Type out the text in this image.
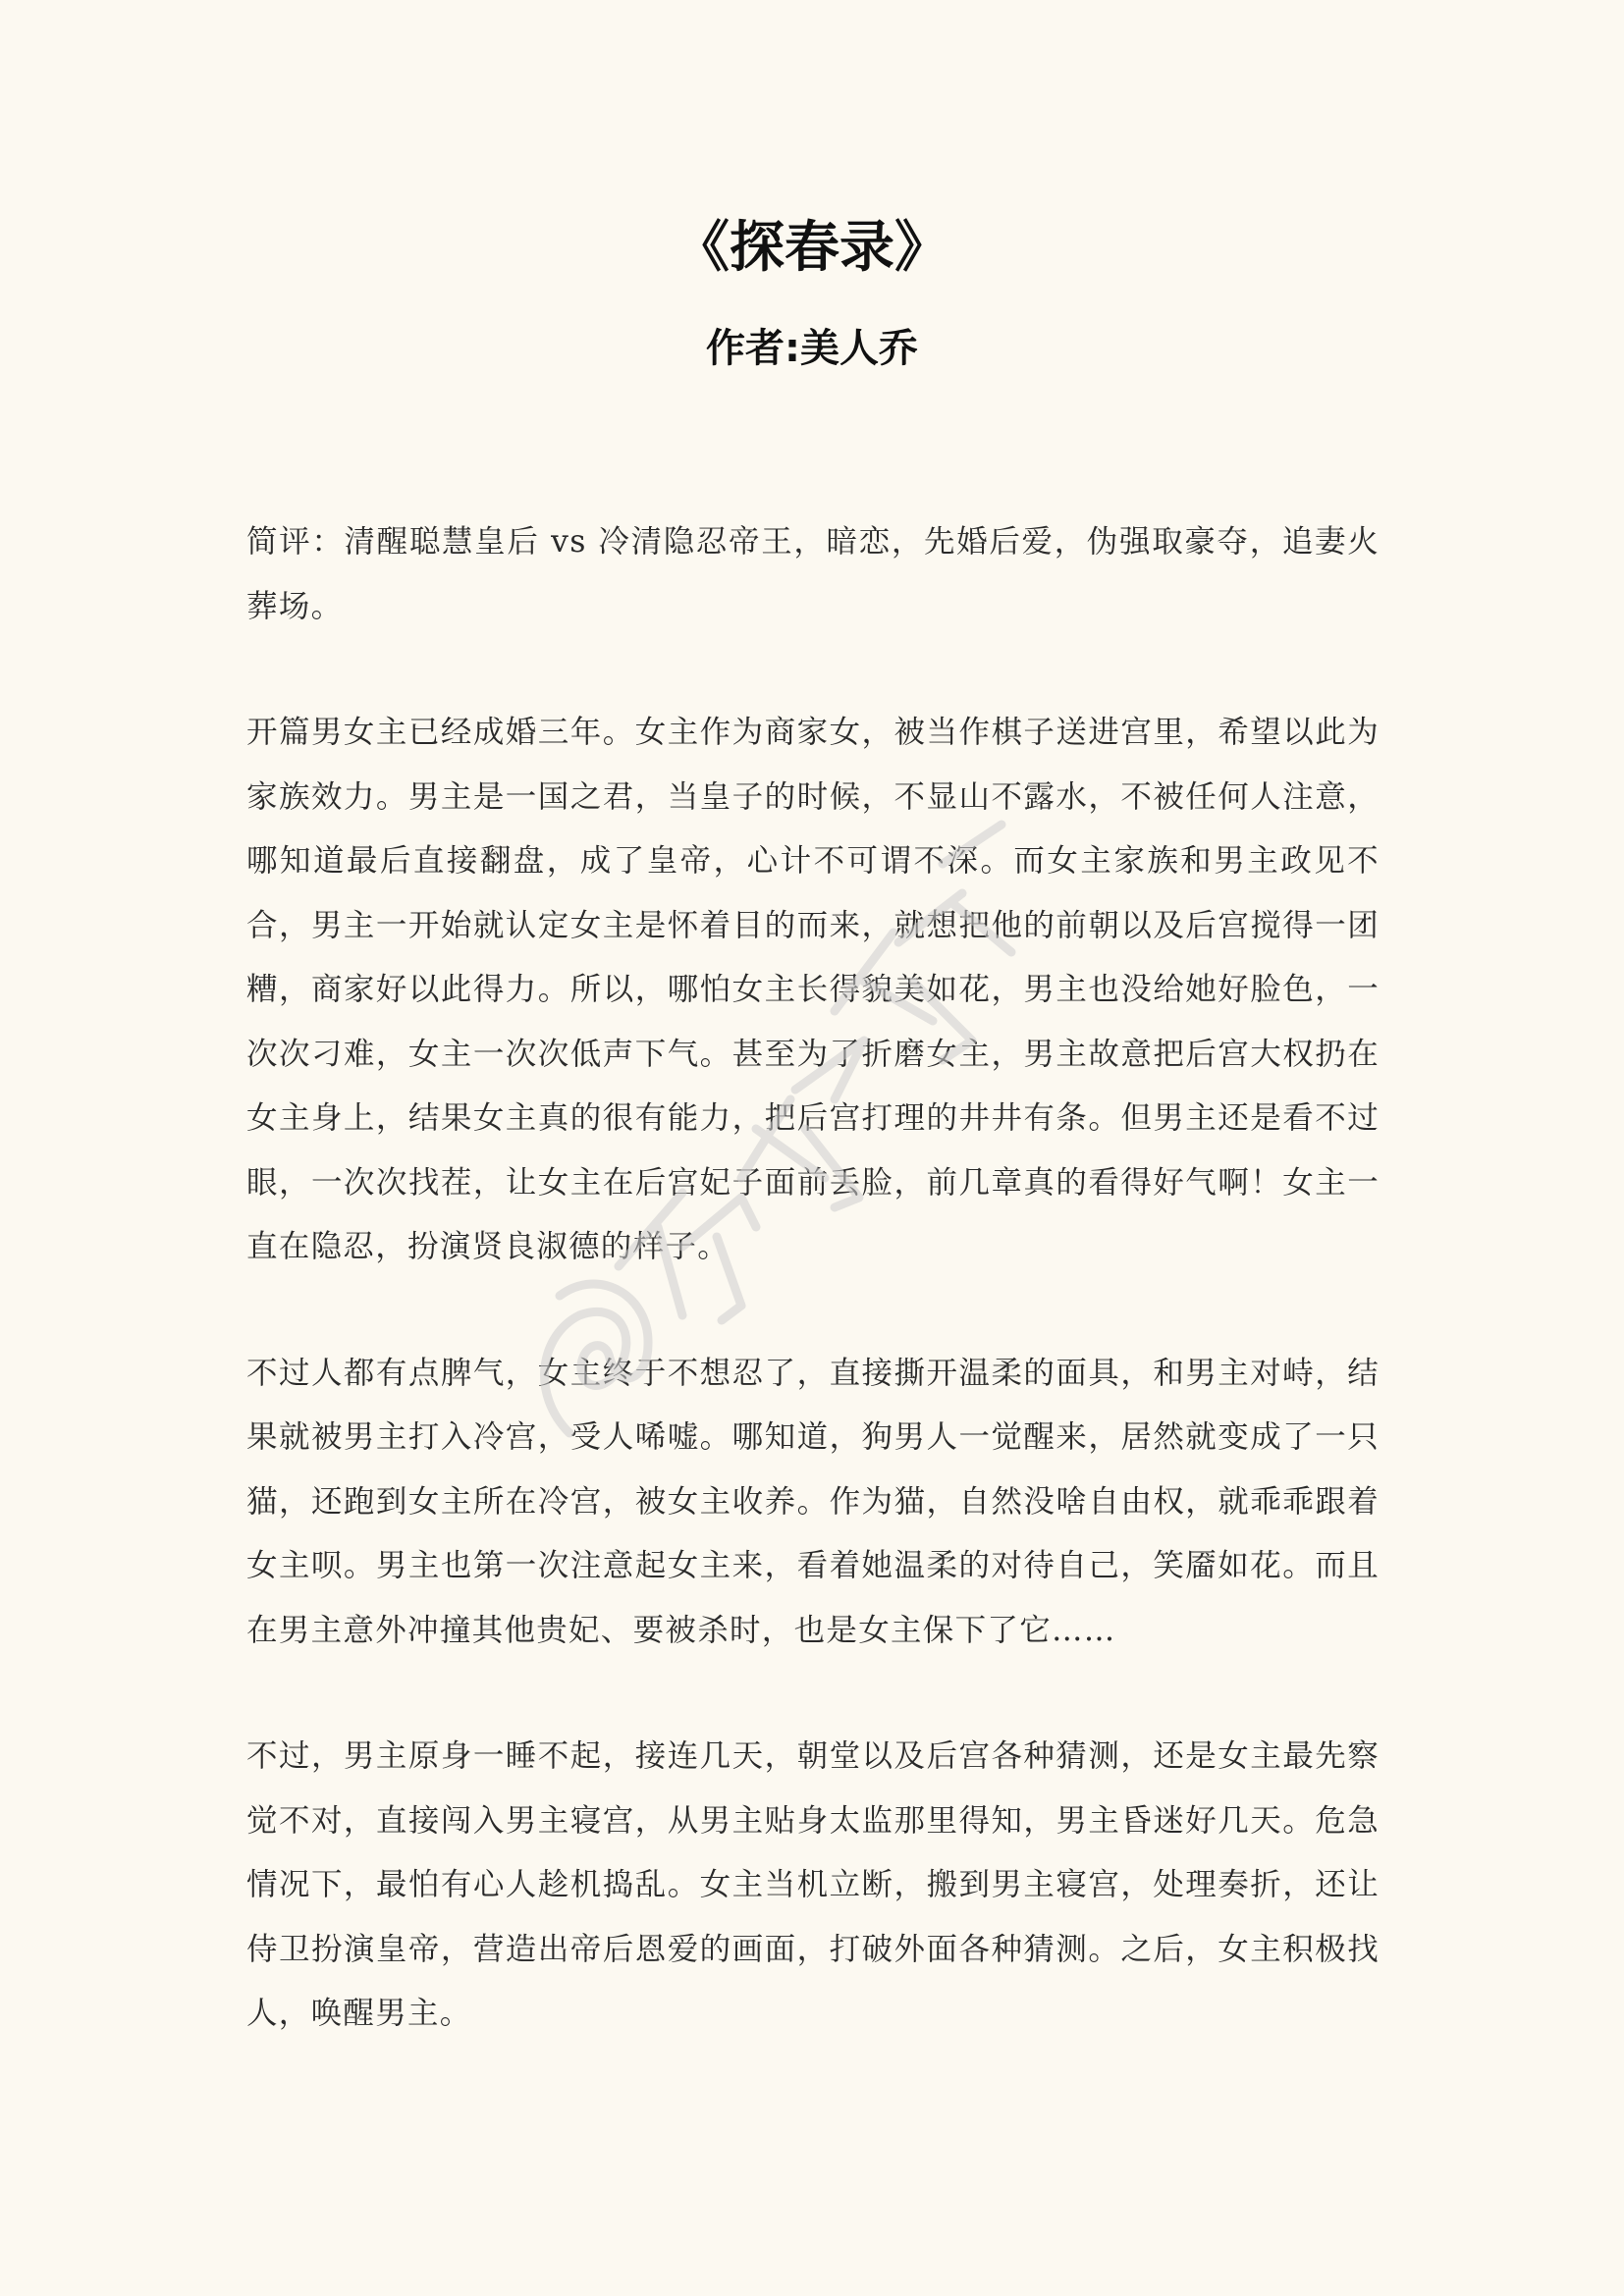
《探春录》
作者:美人乔

简评：清醒聪慧皇后 vs 冷清隐忍帝王，暗恋，先婚后爱，伪强取豪夺，追妻火葬场。

开篇男女主已经成婚三年。女主作为商家女，被当作棋子送进宫里，希望以此为家族效力。男主是一国之君，当皇子的时候，不显山不露水，不被任何人注意，哪知道最后直接翻盘，成了皇帝，心计不可谓不深。而女主家族和男主政见不合，男主一开始就认定女主是怀着目的而来，就想把他的前朝以及后宫搅得一团糟，商家好以此得力。所以，哪怕女主长得貌美如花，男主也没给她好脸色，一次次刁难，女主一次次低声下气。甚至为了折磨女主，男主故意把后宫大权扔在女主身上，结果女主真的很有能力，把后宫打理的井井有条。但男主还是看不过眼，一次次找茬，让女主在后宫妃子面前丢脸，前几章真的看得好气啊！女主一直在隐忍，扮演贤良淑德的样子。

不过人都有点脾气，女主终于不想忍了，直接撕开温柔的面具，和男主对峙，结果就被男主打入冷宫，受人唏嘘。哪知道，狗男人一觉醒来，居然就变成了一只猫，还跑到女主所在冷宫，被女主收养。作为猫，自然没啥自由权，就乖乖跟着女主呗。男主也第一次注意起女主来，看着她温柔的对待自己，笑靥如花。而且在男主意外冲撞其他贵妃、要被杀时，也是女主保下了它……

不过，男主原身一睡不起，接连几天，朝堂以及后宫各种猜测，还是女主最先察觉不对，直接闯入男主寝宫，从男主贴身太监那里得知，男主昏迷好几天。危急情况下，最怕有心人趁机捣乱。女主当机立断，搬到男主寝宫，处理奏折，还让侍卫扮演皇帝，营造出帝后恩爱的画面，打破外面各种猜测。之后，女主积极找人，唤醒男主。
